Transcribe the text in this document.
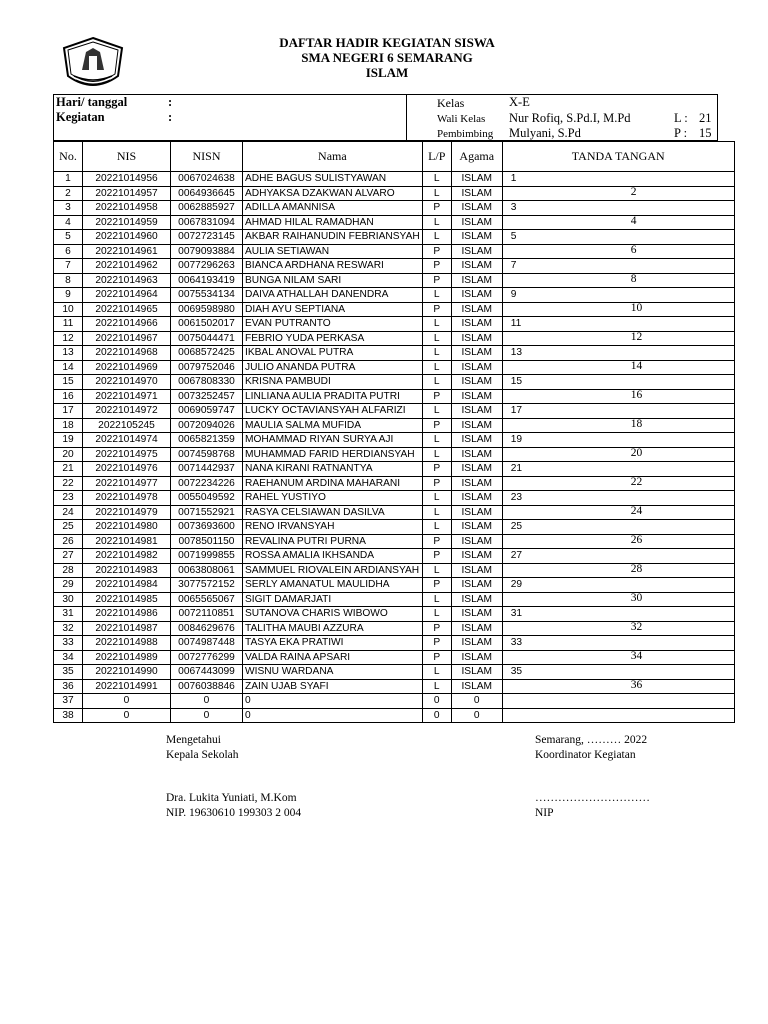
DAFTAR HADIR KEGIATAN SISWA
SMA NEGERI 6 SEMARANG
ISLAM
Hari/ tanggal	:
Kegiatan	:
Kelas	X-E
Wali Kelas Nur Rofiq, S.Pd.I, M.Pd	L : 21
Pembimbing Mulyani, S.Pd	P : 15
No.	NIS	NISN	Nama	L/P	Agama	TANDA TANGAN
1	20221014956	0067024638	ADHE BAGUS SULISTYAWAN	L	ISLAM	1
2	20221014957	0064936645	ADHYAKSA DZAKWAN ALVARO	L	ISLAM	2
3	20221014958	0062885927	ADILLA AMANNISA	P	ISLAM	3
4	20221014959	0067831094	AHMAD HILAL RAMADHAN	L	ISLAM	4
5	20221014960	0072723145	AKBAR RAIHANUDIN FEBRIANSYAH	L	ISLAM	5
6	20221014961	0079093884	AULIA SETIAWAN	P	ISLAM	6
7	20221014962	0077296263	BIANCA ARDHANA RESWARI	P	ISLAM	7
8	20221014963	0064193419	BUNGA NILAM SARI	P	ISLAM	8
9	20221014964	0075534134	DAIVA ATHALLAH DANENDRA	L	ISLAM	9
10	20221014965	0069598980	DIAH AYU SEPTIANA	P	ISLAM	10
11	20221014966	0061502017	EVAN PUTRANTO	L	ISLAM	11
12	20221014967	0075044471	FEBRIO YUDA PERKASA	L	ISLAM	12
13	20221014968	0068572425	IKBAL ANOVAL PUTRA	L	ISLAM	13
14	20221014969	0079752046	JULIO ANANDA PUTRA	L	ISLAM	14
15	20221014970	0067808330	KRISNA PAMBUDI	L	ISLAM	15
16	20221014971	0073252457	LINLIANA AULIA PRADITA PUTRI	P	ISLAM	16
17	20221014972	0069059747	LUCKY OCTAVIANSYAH ALFARIZI	L	ISLAM	17
18	2022105245	0072094026	MAULIA SALMA MUFIDA	P	ISLAM	18
19	20221014974	0065821359	MOHAMMAD RIYAN SURYA AJI	L	ISLAM	19
20	20221014975	0074598768	MUHAMMAD FARID HERDIANSYAH	L	ISLAM	20
21	20221014976	0071442937	NANA KIRANI RATNANTYA	P	ISLAM	21
22	20221014977	0072234226	RAEHANUM ARDINA MAHARANI	P	ISLAM	22
23	20221014978	0055049592	RAHEL YUSTIYO	L	ISLAM	23
24	20221014979	0071552921	RASYA CELSIAWAN DASILVA	L	ISLAM	24
25	20221014980	0073693600	RENO IRVANSYAH	L	ISLAM	25
26	20221014981	0078501150	REVALINA PUTRI PURNA	P	ISLAM	26
27	20221014982	0071999855	ROSSA AMALIA IKHSANDA	P	ISLAM	27
28	20221014983	0063808061	SAMMUEL RIOVALEIN ARDIANSYAH	L	ISLAM	28
29	20221014984	3077572152	SERLY AMANATUL MAULIDHA	P	ISLAM	29
30	20221014985	0065565067	SIGIT DAMARJATI	L	ISLAM	30
31	20221014986	0072110851	SUTANOVA CHARIS WIBOWO	L	ISLAM	31
32	20221014987	0084629676	TALITHA MAUBI AZZURA	P	ISLAM	32
33	20221014988	0074987448	TASYA EKA PRATIWI	P	ISLAM	33
34	20221014989	0072776299	VALDA RAINA APSARI	P	ISLAM	34
35	20221014990	0067443099	WISNU WARDANA	L	ISLAM	35
36	20221014991	0076038846	ZAIN UJAB SYAFI	L	ISLAM	36
37	0	0	0	0	0	
38	0	0	0	0	0	
Mengetahui
Kepala Sekolah
Dra. Lukita Yuniati, M.Kom
NIP. 19630610 199303 2 004
Semarang, ……… 2022
Koordinator Kegiatan
…………………………
NIP
